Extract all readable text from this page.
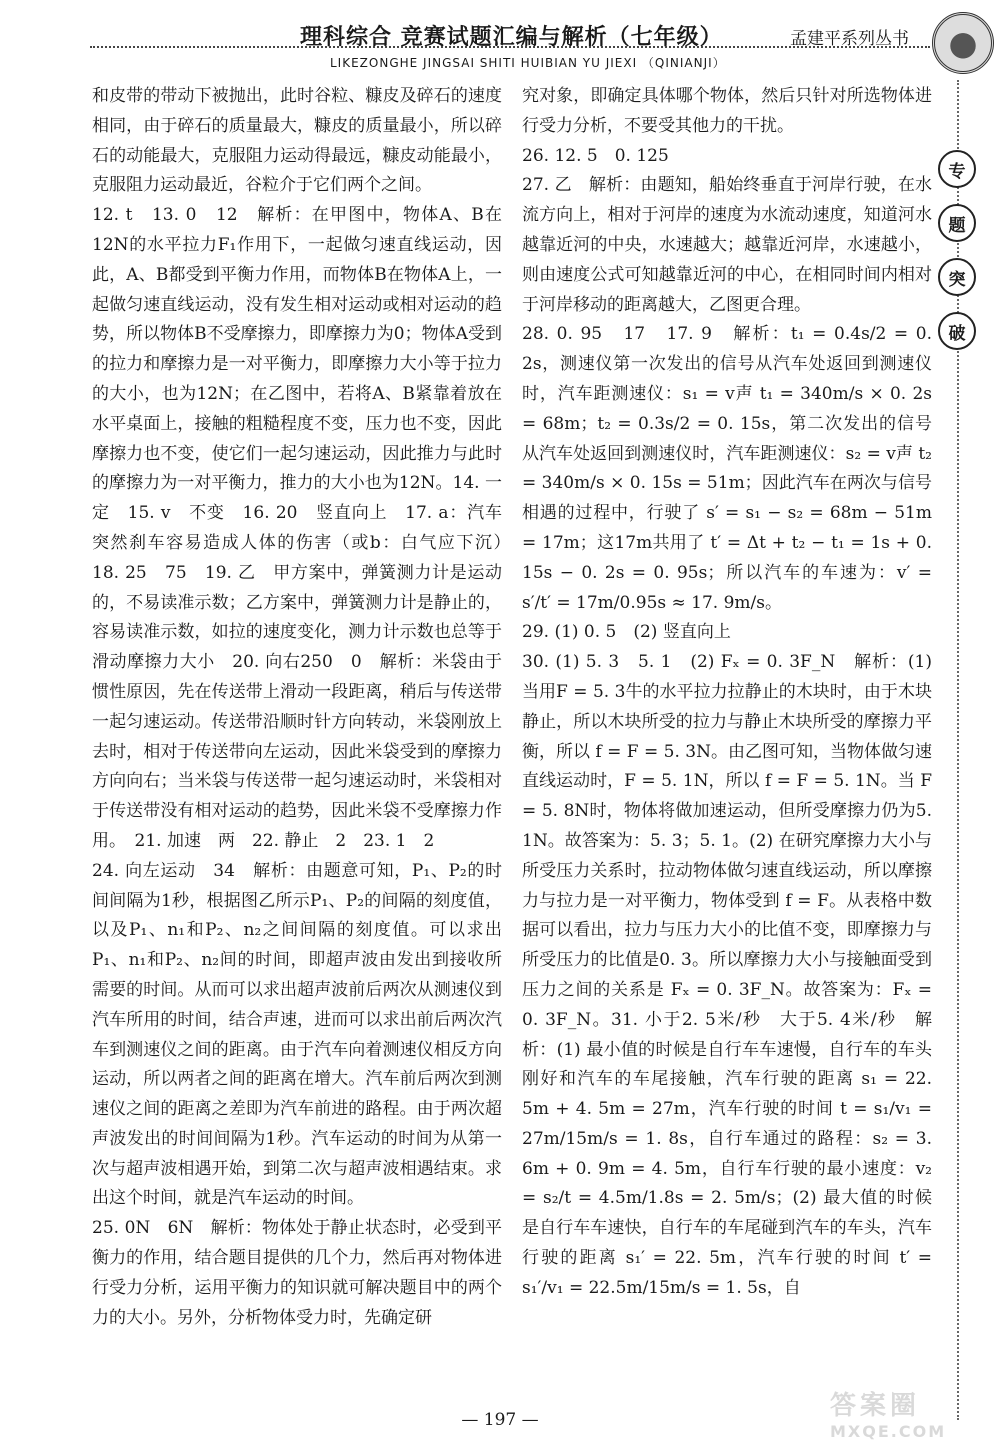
理科综合 竞赛试题汇编与解析（七年级）	孟建平系列丛书
LIKEZONGHE JINGSAI SHITI HUIBIAN YU JIEXI （QINIANJI）
专
题
突
破

和皮带的带动下被抛出，此时谷粒、糠皮及碎石的速度相同，由于碎石的质量最大，糠皮的质量最小，所以碎石的动能最大，克服阻力运动得最远，糠皮动能最小，克服阻力运动最近，谷粒介于它们两个之间。

12. t　13. 0　12　解析：在甲图中，物体A、B在12N的水平拉力F₁作用下，一起做匀速直线运动，因此，A、B都受到平衡力作用，而物体B在物体A上，一起做匀速直线运动，没有发生相对运动或相对运动的趋势，所以物体B不受摩擦力，即摩擦力为0；物体A受到的拉力和摩擦力是一对平衡力，即摩擦力大小等于拉力的大小，也为12N；在乙图中，若将A、B紧靠着放在水平桌面上，接触的粗糙程度不变，压力也不变，因此摩擦力也不变，使它们一起匀速运动，因此推力与此时的摩擦力为一对平衡力，推力的大小也为12N。14. 一定　15. v　不变　16. 20　竖直向上　17. a：汽车突然刹车容易造成人体的伤害（或b：白气应下沉）　18. 25　75　19. 乙　甲方案中，弹簧测力计是运动的，不易读准示数；乙方案中，弹簧测力计是静止的，容易读准示数，如拉的速度变化，测力计示数也总等于滑动摩擦力大小　20. 向右250　0　解析：米袋由于惯性原因，先在传送带上滑动一段距离，稍后与传送带一起匀速运动。传送带沿顺时针方向转动，米袋刚放上去时，相对于传送带向左运动，因此米袋受到的摩擦力方向向右；当米袋与传送带一起匀速运动时，米袋相对于传送带没有相对运动的趋势，因此米袋不受摩擦力作用。　21. 加速　两　22. 静止　2　23. 1　2

24. 向左运动　34　解析：由题意可知，P₁、P₂的时间间隔为1秒，根据图乙所示P₁、P₂的间隔的刻度值，以及P₁、n₁和P₂、n₂之间间隔的刻度值。可以求出P₁、n₁和P₂、n₂间的时间，即超声波由发出到接收所需要的时间。从而可以求出超声波前后两次从测速仪到汽车所用的时间，结合声速，进而可以求出前后两次汽车到测速仪之间的距离。由于汽车向着测速仪相反方向运动，所以两者之间的距离在增大。汽车前后两次到测速仪之间的距离之差即为汽车前进的路程。由于两次超声波发出的时间间隔为1秒。汽车运动的时间为从第一次与超声波相遇开始，到第二次与超声波相遇结束。求出这个时间，就是汽车运动的时间。

25. 0N　6N　解析：物体处于静止状态时，必受到平衡力的作用，结合题目提供的几个力，然后再对物体进行受力分析，运用平衡力的知识就可解决题目中的两个力的大小。另外，分析物体受力时，先确定研

究对象，即确定具体哪个物体，然后只针对所选物体进行受力分析，不要受其他力的干扰。

26. 12. 5　0. 125

27. 乙　解析：由题知，船始终垂直于河岸行驶，在水流方向上，相对于河岸的速度为水流动速度，知道河水越靠近河的中央，水速越大；越靠近河岸，水速越小，则由速度公式可知越靠近河的中心，在相同时间内相对于河岸移动的距离越大，乙图更合理。

28. 0. 95　17　17. 9　解析：t₁ = 0.4s/2 = 0. 2s，测速仪第一次发出的信号从汽车处返回到测速仪时，汽车距测速仪：s₁ = v声 t₁ = 340m/s × 0. 2s = 68m；t₂ = 0.3s/2 = 0. 15s，第二次发出的信号从汽车处返回到测速仪时，汽车距测速仪：s₂ = v声 t₂ = 340m/s × 0. 15s = 51m；因此汽车在两次与信号相遇的过程中，行驶了 s′ = s₁ − s₂ = 68m − 51m = 17m；这17m共用了 t′ = Δt + t₂ − t₁ = 1s + 0. 15s − 0. 2s = 0. 95s；所以汽车的车速为：v′ = s′/t′ = 17m/0.95s ≈ 17. 9m/s。

29. (1) 0. 5　(2) 竖直向上

30. (1) 5. 3　5. 1　(2) Fₓ = 0. 3F_N　解析：(1) 当用F = 5. 3牛的水平拉力拉静止的木块时，由于木块静止，所以木块所受的拉力与静止木块所受的摩擦力平衡，所以 f = F = 5. 3N。由乙图可知，当物体做匀速直线运动时，F = 5. 1N，所以 f = F = 5. 1N。当 F = 5. 8N时，物体将做加速运动，但所受摩擦力仍为5. 1N。故答案为：5. 3；5. 1。(2) 在研究摩擦力大小与所受压力关系时，拉动物体做匀速直线运动，所以摩擦力与拉力是一对平衡力，物体受到 f = F。从表格中数据可以看出，拉力与压力大小的比值不变，即摩擦力与所受压力的比值是0. 3。所以摩擦力大小与接触面受到压力之间的关系是 Fₓ = 0. 3F_N。故答案为：Fₓ = 0. 3F_N。31. 小于2. 5米/秒　大于5. 4米/秒　解析：(1) 最小值的时候是自行车车速慢，自行车的车头刚好和汽车的车尾接触，汽车行驶的距离 s₁ = 22. 5m + 4. 5m = 27m，汽车行驶的时间 t = s₁/v₁ = 27m/15m/s = 1. 8s，自行车通过的路程：s₂ = 3. 6m + 0. 9m = 4. 5m，自行车行驶的最小速度：v₂ = s₂/t = 4.5m/1.8s = 2. 5m/s；(2) 最大值的时候是自行车车速快，自行车的车尾碰到汽车的车头，汽车行驶的距离 s₁′ = 22. 5m，汽车行驶的时间 t′ = s₁′/v₁ = 22.5m/15m/s = 1. 5s，自

— 197 —	答案圈
MXQE.COM
